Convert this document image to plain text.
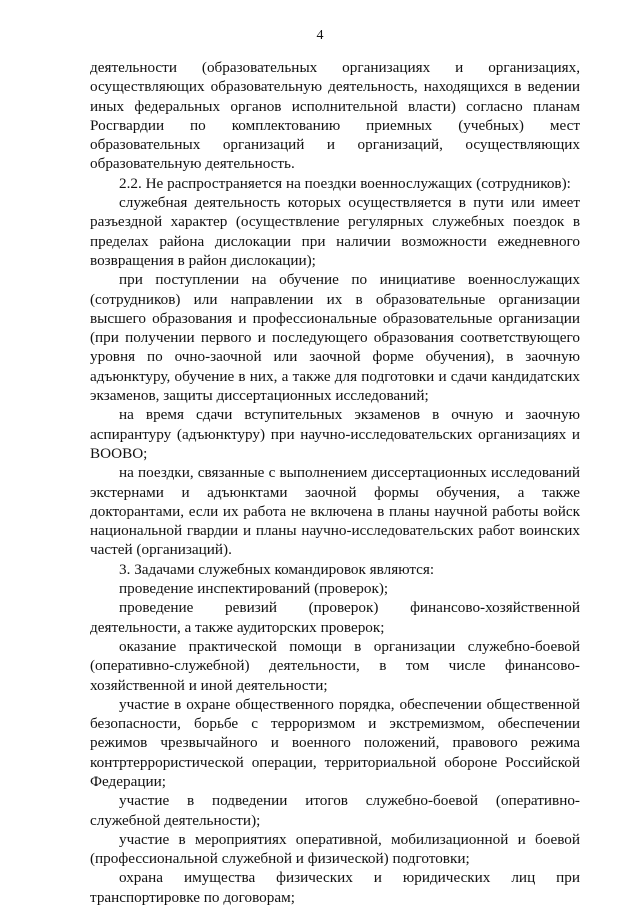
4

деятельности (образовательных организациях и организациях, осуществляющих образовательную деятельность, находящихся в ведении иных федеральных органов исполнительной власти) согласно планам Росгвардии по комплектованию приемных (учебных) мест образовательных организаций и организаций, осуществляющих образовательную деятельность.

2.2. Не распространяется на поездки военнослужащих (сотрудников):

служебная деятельность которых осуществляется в пути или имеет разъездной характер (осуществление регулярных служебных поездок в пределах района дислокации при наличии возможности ежедневного возвращения в район дислокации);

при поступлении на обучение по инициативе военнослужащих (сотрудников) или направлении их в образовательные организации высшего образования и профессиональные образовательные организации (при получении первого и последующего образования соответствующего уровня по очно-заочной или заочной форме обучения), в заочную адъюнктуру, обучение в них, а также для подготовки и сдачи кандидатских экзаменов, защиты диссертационных исследований;

на время сдачи вступительных экзаменов в очную и заочную аспирантуру (адъюнктуру) при научно-исследовательских организациях и ВООВО;

на поездки, связанные с выполнением диссертационных исследований экстернами и адъюнктами заочной формы обучения, а также докторантами, если их работа не включена в планы научной работы войск национальной гвардии и планы научно-исследовательских работ воинских частей (организаций).

3. Задачами служебных командировок являются:

проведение инспектирований (проверок);

проведение ревизий (проверок) финансово-хозяйственной деятельности, а также аудиторских проверок;

оказание практической помощи в организации служебно-боевой (оперативно-служебной) деятельности, в том числе финансово-хозяйственной и иной деятельности;

участие в охране общественного порядка, обеспечении общественной безопасности, борьбе с терроризмом и экстремизмом, обеспечении режимов чрезвычайного и военного положений, правового режима контртеррористической операции, территориальной обороне Российской Федерации;

участие в подведении итогов служебно-боевой (оперативно-служебной деятельности);

участие в мероприятиях оперативной, мобилизационной и боевой (профессиональной служебной и физической) подготовки;

охрана имущества физических и юридических лиц при транспортировке по договорам;
